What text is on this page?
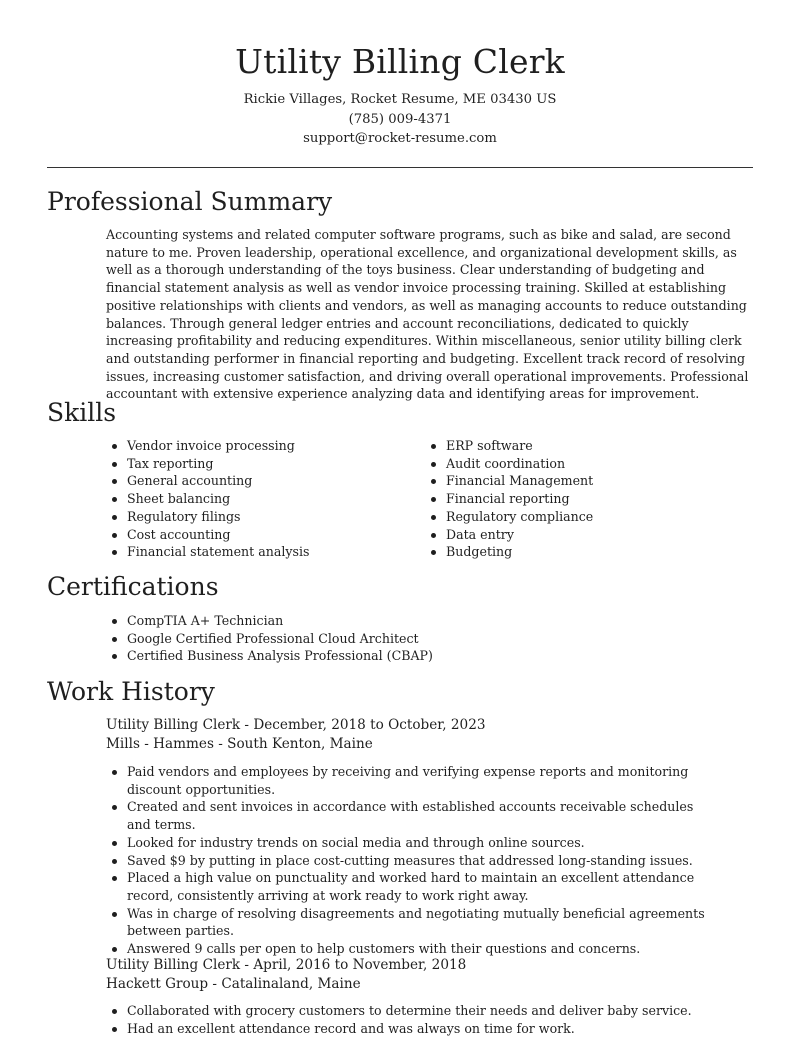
Utility Billing Clerk
Rickie Villages, Rocket Resume, ME 03430 US
(785) 009-4371
support@rocket-resume.com
Professional Summary
Accounting systems and related computer software programs, such as bike and salad, are second nature to me. Proven leadership, operational excellence, and organizational development skills, as well as a thorough understanding of the toys business. Clear understanding of budgeting and financial statement analysis as well as vendor invoice processing training. Skilled at establishing positive relationships with clients and vendors, as well as managing accounts to reduce outstanding balances. Through general ledger entries and account reconciliations, dedicated to quickly increasing profitability and reducing expenditures. Within miscellaneous, senior utility billing clerk and outstanding performer in financial reporting and budgeting. Excellent track record of resolving issues, increasing customer satisfaction, and driving overall operational improvements. Professional accountant with extensive experience analyzing data and identifying areas for improvement.
Skills
Vendor invoice processing
Tax reporting
General accounting
Sheet balancing
Regulatory filings
Cost accounting
Financial statement analysis
ERP software
Audit coordination
Financial Management
Financial reporting
Regulatory compliance
Data entry
Budgeting
Certifications
CompTIA A+ Technician
Google Certified Professional Cloud Architect
Certified Business Analysis Professional (CBAP)
Work History
Utility Billing Clerk - December, 2018 to October, 2023
Mills - Hammes - South Kenton, Maine
Paid vendors and employees by receiving and verifying expense reports and monitoring discount opportunities.
Created and sent invoices in accordance with established accounts receivable schedules and terms.
Looked for industry trends on social media and through online sources.
Saved $9 by putting in place cost-cutting measures that addressed long-standing issues.
Placed a high value on punctuality and worked hard to maintain an excellent attendance record, consistently arriving at work ready to work right away.
Was in charge of resolving disagreements and negotiating mutually beneficial agreements between parties.
Answered 9 calls per open to help customers with their questions and concerns.
Utility Billing Clerk - April, 2016 to November, 2018
Hackett Group - Catalinaland, Maine
Collaborated with grocery customers to determine their needs and deliver baby service.
Had an excellent attendance record and was always on time for work.
